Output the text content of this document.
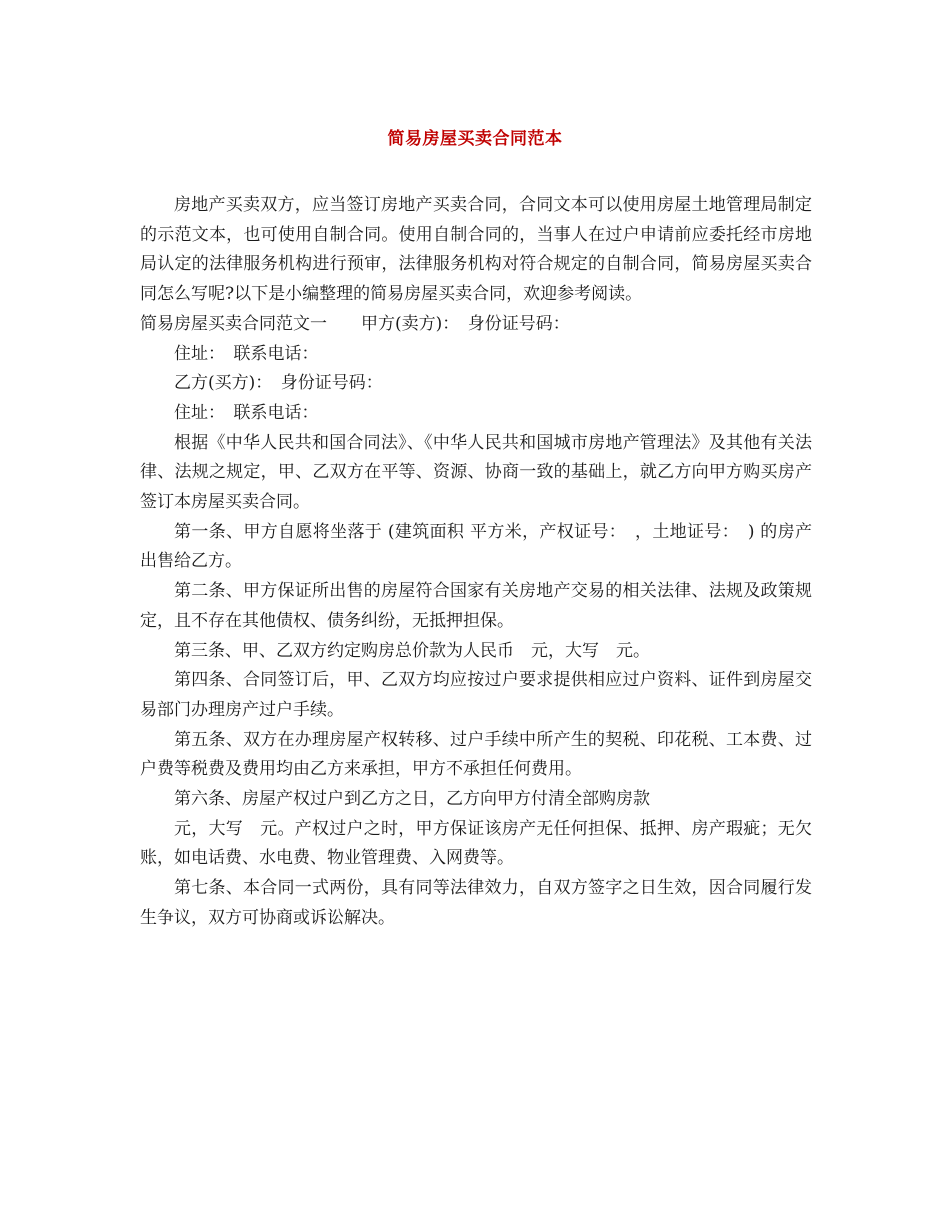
简易房屋买卖合同范本

房地产买卖双方，应当签订房地产买卖合同，合同文本可以使用房屋土地管理局制定的示范文本，也可使用自制合同。使用自制合同的，当事人在过户申请前应委托经市房地局认定的法律服务机构进行预审，法律服务机构对符合规定的自制合同，简易房屋买卖合同怎么写呢?以下是小编整理的简易房屋买卖合同，欢迎参考阅读。

简易房屋买卖合同范文一　　甲方(卖方)：　身份证号码：

住址：　联系电话：

乙方(买方)：　身份证号码：

住址：　联系电话：

根据《中华人民共和国合同法》、《中华人民共和国城市房地产管理法》及其他有关法律、法规之规定，甲、乙双方在平等、资源、协商一致的基础上，就乙方向甲方购买房产签订本房屋买卖合同。

第一条、甲方自愿将坐落于 (建筑面积 平方米，产权证号：　，土地证号：　) 的房产出售给乙方。

第二条、甲方保证所出售的房屋符合国家有关房地产交易的相关法律、法规及政策规定，且不存在其他债权、债务纠纷，无抵押担保。

第三条、甲、乙双方约定购房总价款为人民币　元，大写　元。

第四条、合同签订后，甲、乙双方均应按过户要求提供相应过户资料、证件到房屋交易部门办理房产过户手续。

第五条、双方在办理房屋产权转移、过户手续中所产生的契税、印花税、工本费、过户费等税费及费用均由乙方来承担，甲方不承担任何费用。

第六条、房屋产权过户到乙方之日，乙方向甲方付清全部购房款

元，大写　元。产权过户之时，甲方保证该房产无任何担保、抵押、房产瑕疵；无欠账，如电话费、水电费、物业管理费、入网费等。

第七条、本合同一式两份，具有同等法律效力，自双方签字之日生效，因合同履行发生争议，双方可协商或诉讼解决。
